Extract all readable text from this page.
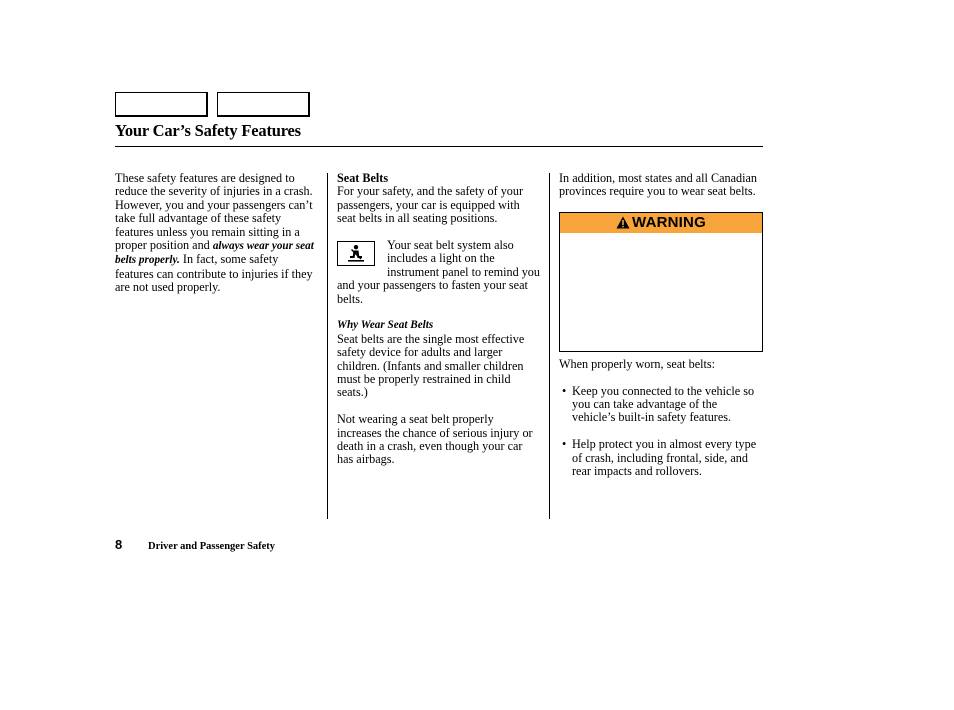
Your Car’s Safety Features

These safety features are designed to reduce the severity of injuries in a crash. However, you and your passengers can’t take full advantage of these safety features unless you remain sitting in a proper position and always wear your seat belts properly. In fact, some safety features can contribute to injuries if they are not used properly.

Seat Belts

For your safety, and the safety of your passengers, your car is equipped with seat belts in all seating positions.

Your seat belt system also includes a light on the instrument panel to remind you and your passengers to fasten your seat belts.

Why Wear Seat Belts

Seat belts are the single most effective safety device for adults and larger children. (Infants and smaller children must be properly restrained in child seats.)

Not wearing a seat belt properly increases the chance of serious injury or death in a crash, even though your car has airbags.

In addition, most states and all Canadian provinces require you to wear seat belts.

WARNING

When properly worn, seat belts:

• Keep you connected to the vehicle so you can take advantage of the vehicle’s built-in safety features.
• Help protect you in almost every type of crash, including frontal, side, and rear impacts and rollovers.
8 Driver and Passenger Safety
